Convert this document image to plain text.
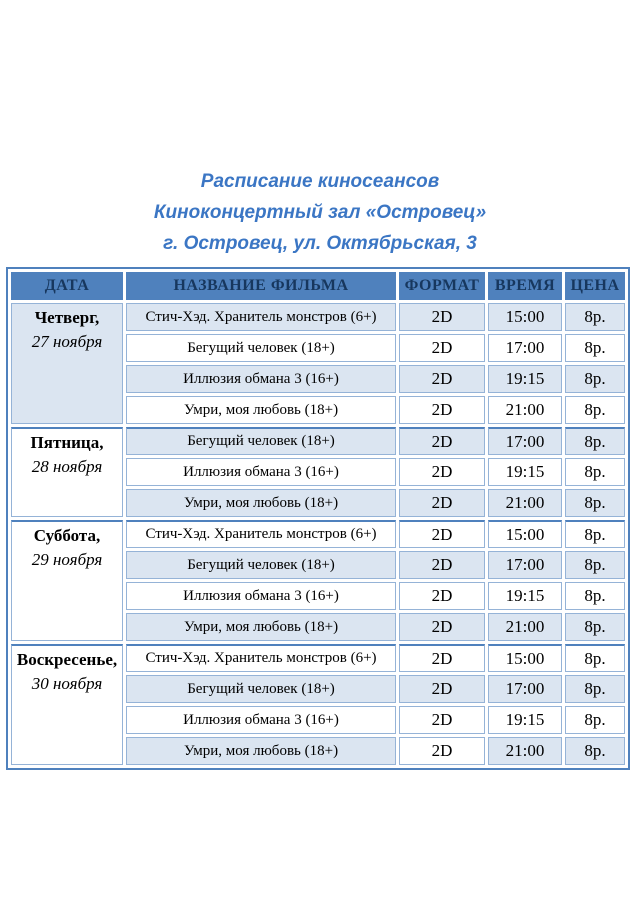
Расписание киносеансов
Киноконцертный зал «Островец»
г. Островец, ул. Октябрьская, 3
ДАТА	НАЗВАНИЕ ФИЛЬМА	ФОРМАТ	ВРЕМЯ	ЦЕНА

Четверг,
27 ноября	Стич-Хэд. Хранитель монстров (6+)	2D	15:00	8р.
	Бегущий человек (18+)	2D	17:00	8р.
	Иллюзия обмана 3 (16+)	2D	19:15	8р.
	Умри, моя любовь (18+)	2D	21:00	8р.

Пятница,
28 ноября	Бегущий человек (18+)	2D	17:00	8р.
	Иллюзия обмана 3 (16+)	2D	19:15	8р.
	Умри, моя любовь (18+)	2D	21:00	8р.

Суббота,
29 ноября	Стич-Хэд. Хранитель монстров (6+)	2D	15:00	8р.
	Бегущий человек (18+)	2D	17:00	8р.
	Иллюзия обмана 3 (16+)	2D	19:15	8р.
	Умри, моя любовь (18+)	2D	21:00	8р.

Воскресенье,
30 ноября	Стич-Хэд. Хранитель монстров (6+)	2D	15:00	8р.
	Бегущий человек (18+)	2D	17:00	8р.
	Иллюзия обмана 3 (16+)	2D	19:15	8р.
	Умри, моя любовь (18+)	2D	21:00	8р.
